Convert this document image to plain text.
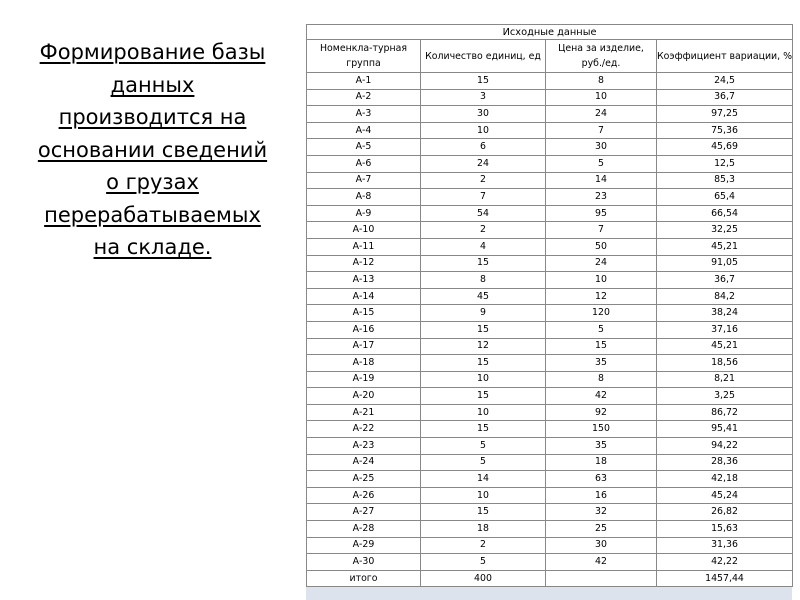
Формирование базы данных производится на основании сведений о грузах перерабатываемых на складе.
Исходные данные			
Номенкла-турная группа	Количество единиц, ед	Цена за изделие, руб./ед.	Коэффициент вариации, %
А-1	15	8	24,5
А-2	3	10	36,7
А-3	30	24	97,25
А-4	10	7	75,36
А-5	6	30	45,69
А-6	24	5	12,5
А-7	2	14	85,3
А-8	7	23	65,4
А-9	54	95	66,54
А-10	2	7	32,25
А-11	4	50	45,21
А-12	15	24	91,05
А-13	8	10	36,7
А-14	45	12	84,2
А-15	9	120	38,24
А-16	15	5	37,16
А-17	12	15	45,21
А-18	15	35	18,56
А-19	10	8	8,21
А-20	15	42	3,25
А-21	10	92	86,72
А-22	15	150	95,41
А-23	5	35	94,22
А-24	5	18	28,36
А-25	14	63	42,18
А-26	10	16	45,24
А-27	15	32	26,82
А-28	18	25	15,63
А-29	2	30	31,36
А-30	5	42	42,22
итого	400		1457,44
